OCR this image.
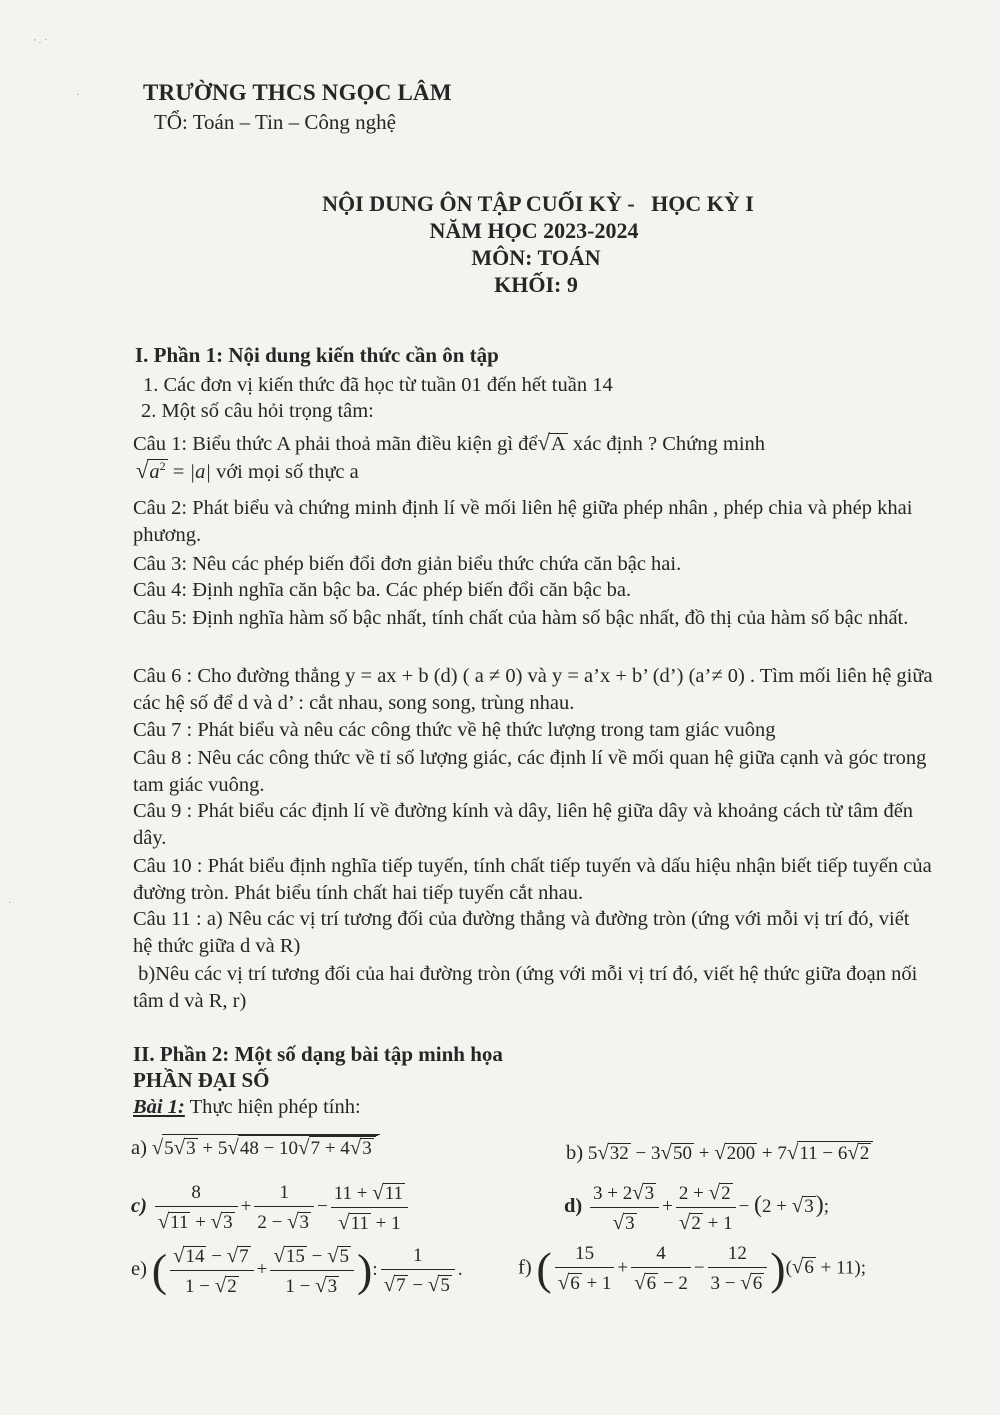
TRƯỜNG THCS NGỌC LÂM
TỔ: Toán – Tin – Công nghệ
NỘI DUNG ÔN TẬP CUỐI KỲ -   HỌC KỲ I
NĂM HỌC 2023-2024
MÔN: TOÁN
KHỐI: 9
I. Phần 1: Nội dung kiến thức cần ôn tập
1. Các đơn vị kiến thức đã học từ tuần 01 đến hết tuần 14
2. Một số câu hỏi trọng tâm:
Câu 1: Biểu thức A phải thoả mãn điều kiện gì để√A xác định ? Chứng minh
$√a^2 = |a|$ với mọi số thực a
Câu 2: Phát biểu và chứng minh định lí về mối liên hệ giữa phép nhân , phép chia và phép khai phương.
Câu 3: Nêu các phép biến đổi đơn giản biểu thức chứa căn bậc hai.
Câu 4: Định nghĩa căn bậc ba. Các phép biến đổi căn bậc ba.
Câu 5: Định nghĩa hàm số bậc nhất, tính chất của hàm số bậc nhất, đồ thị của hàm số bậc nhất.
Câu 6 : Cho đường thẳng y = ax + b (d) ( a ≠ 0) và y = a’x + b’ (d’) (a’≠ 0) . Tìm mối liên hệ giữa các hệ số để d và d’ : cắt nhau, song song, trùng nhau.
Câu 7 : Phát biểu và nêu các công thức về hệ thức lượng trong tam giác vuông
Câu 8 : Nêu các công thức về tỉ số lượng giác, các định lí về mối quan hệ giữa cạnh và góc trong tam giác vuông.
Câu 9 : Phát biểu các định lí về đường kính và dây, liên hệ giữa dây và khoảng cách từ tâm đến dây.
Câu 10 : Phát biểu định nghĩa tiếp tuyến, tính chất tiếp tuyến và dấu hiệu nhận biết tiếp tuyến của đường tròn. Phát biểu tính chất hai tiếp tuyến cắt nhau.
Câu 11 : a) Nêu các vị trí tương đối của đường thẳng và đường tròn (ứng với mỗi vị trí đó, viết hệ thức giữa d và R)
b)Nêu các vị trí tương đối của hai đường tròn (ứng với mỗi vị trí đó, viết hệ thức giữa đoạn nối tâm d và R, r)
II. Phần 2: Một số dạng bài tập minh họa
PHẦN ĐẠI SỐ
Bài 1: Thực hiện phép tính:
a) √5√3 + 5√48 − 10√7 + 4√3	b) 5√32 − 3√50 + √200 + 7√11 − 6√2
$c) \frac{8}{√11 + √3} + \frac{1}{2 - √3} - \frac{11 + √11}{√11 + 1}$	$d) \frac{3 + 2√3}{√3} + \frac{2 + √2}{√2 + 1} - (2 + √3)$;
e) ( $\frac{√14 - √7}{1 - √2} + \frac{√15 - √5}{1 - √3}$ ): $\frac{1}{√7 - √5}$ .	f) ( $\frac{15}{√6 + 1} + \frac{4}{√6 - 2} - \frac{12}{3 - √6} )(√6 + 11)$;
' · ˙
·
·
